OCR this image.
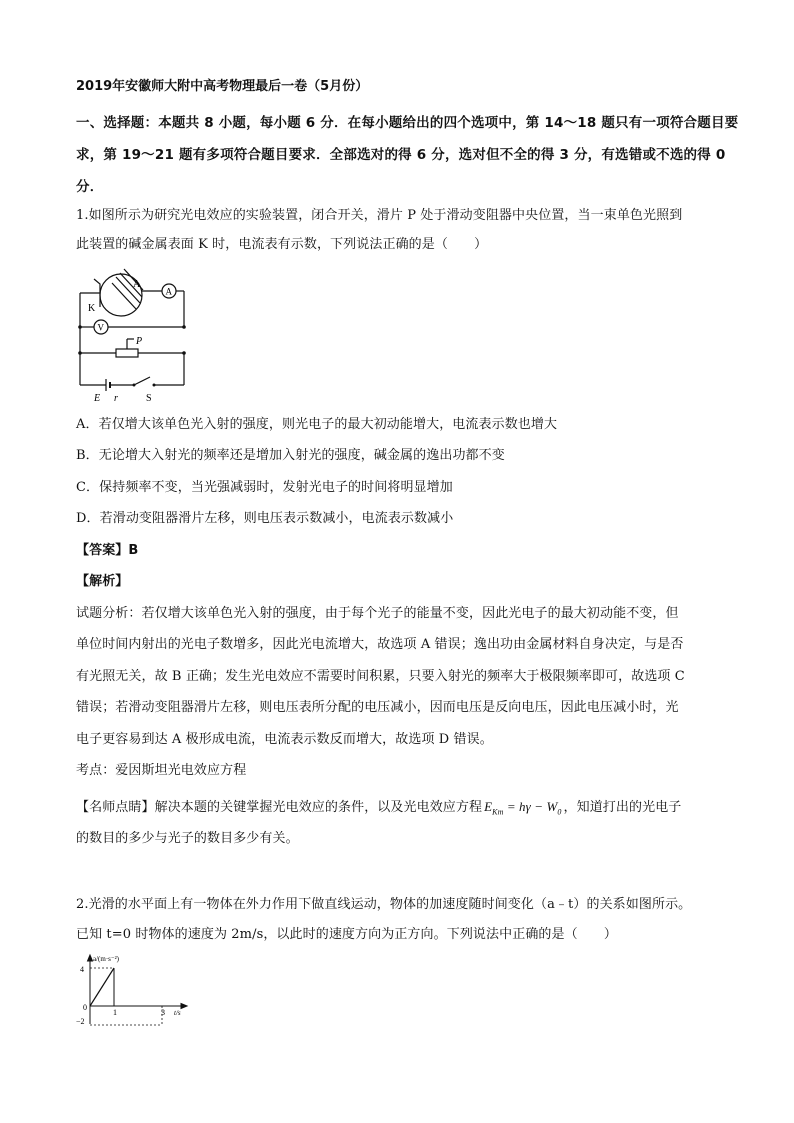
2019年安徽师大附中高考物理最后一卷（5月份）
一、选择题：本题共 8 小题，每小题 6 分．在每小题给出的四个选项中，第 14～18 题只有一项符合题目要
求，第 19～21 题有多项符合题目要求．全部选对的得 6 分，选对但不全的得 3 分，有选错或不选的得 0
分．
1.如图所示为研究光电效应的实验装置，闭合开关，滑片 P 处于滑动变阻器中央位置，当一束单色光照到
此装置的碱金属表面 K 时，电流表有示数，下列说法正确的是（　　）
K
A
A
V
P
E r	S
A．若仅增大该单色光入射的强度，则光电子的最大初动能增大，电流表示数也增大
B．无论增大入射光的频率还是增加入射光的强度，碱金属的逸出功都不变
C．保持频率不变，当光强减弱时，发射光电子的时间将明显增加
D．若滑动变阻器滑片左移，则电压表示数减小，电流表示数减小
【答案】B
【解析】
试题分析：若仅增大该单色光入射的强度，由于每个光子的能量不变，因此光电子的最大初动能不变，但
单位时间内射出的光电子数增多，因此光电流增大，故选项 A 错误；逸出功由金属材料自身决定，与是否
有光照无关，故 B 正确；发生光电效应不需要时间积累，只要入射光的频率大于极限频率即可，故选项 C
错误；若滑动变阻器滑片左移，则电压表所分配的电压减小，因而电压是反向电压，因此电压减小时，光
电子更容易到达 A 极形成电流，电流表示数反而增大，故选项 D 错误。
考点：爱因斯坦光电效应方程
【名师点睛】解决本题的关键掌握光电效应的条件，以及光电效应方程 $E_{Km} = h\gamma - W_0$ ，知道打出的光电子
的数目的多少与光子的数目多少有关。
2.光滑的水平面上有一物体在外力作用下做直线运动，物体的加速度随时间变化（a﹣t）的关系如图所示。
已知 t=0 时物体的速度为 2m/s，以此时的速度方向为正方向。下列说法中正确的是（　　）
a/(m·s⁻²)
t/s
4
0
−2
1	3
